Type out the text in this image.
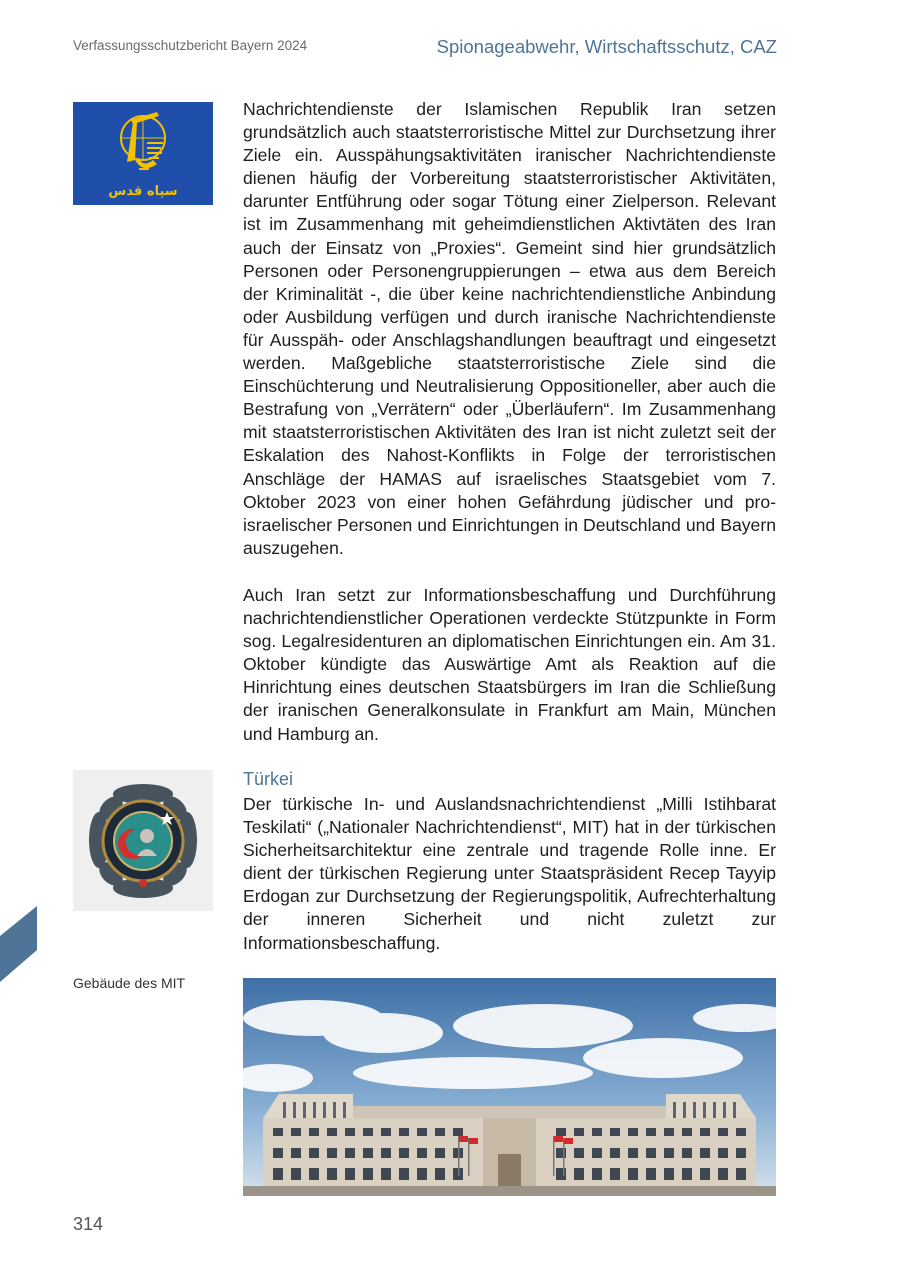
Verfassungsschutzbericht Bayern 2024	Spionageabwehr, Wirtschaftsschutz, CAZ
سپاه قدس

Nachrichtendienste der Islamischen Republik Iran setzen grundsätzlich auch staatsterroristische Mittel zur Durchsetzung ihrer Ziele ein. Ausspähungsaktivitäten iranischer Nachrichtendienste dienen häufig der Vorbereitung staatsterroristischer Aktivitäten, darunter Entführung oder sogar Tötung einer Zielperson. Relevant ist im Zusammenhang mit geheimdienstlichen Aktivtäten des Iran auch der Einsatz von „Proxies“. Gemeint sind hier grundsätzlich Personen oder Personengruppierungen – etwa aus dem Bereich der Kriminalität -, die über keine nachrichtendienstliche Anbindung oder Ausbildung verfügen und durch iranische Nachrichtendienste für Ausspäh- oder Anschlagshandlungen beauftragt und eingesetzt werden. Maßgebliche staatsterroristische Ziele sind die Einschüchterung und Neutralisierung Oppositioneller, aber auch die Bestrafung von „Verrätern“ oder „Überläufern“. Im Zusammenhang mit staatsterroristischen Aktivitäten des Iran ist nicht zuletzt seit der Eskalation des Nahost-Konflikts in Folge der terroristischen Anschläge der HAMAS auf israelisches Staatsgebiet vom 7. Oktober 2023 von einer hohen Gefährdung jüdischer und pro-israelischer Personen und Einrichtungen in Deutschland und Bayern auszugehen.

Auch Iran setzt zur Informationsbeschaffung und Durchführung nachrichtendienstlicher Operationen verdeckte Stützpunkte in Form sog. Legalresidenturen an diplomatischen Einrichtungen ein. Am 31. Oktober kündigte das Auswärtige Amt als Reaktion auf die Hinrichtung eines deutschen Staatsbürgers im Iran die Schließung der iranischen Generalkonsulate in Frankfurt am Main, München und Hamburg an.

Türkei

Der türkische In- und Auslandsnachrichtendienst „Milli Istihbarat Teskilati“ („Nationaler Nachrichtendienst“, MIT) hat in der türkischen Sicherheitsarchitektur eine zentrale und tragende Rolle inne. Er dient der türkischen Regierung unter Staatspräsident Recep Tayyip Erdogan zur Durchsetzung der Regierungspolitik, Aufrechterhaltung der inneren Sicherheit und nicht zuletzt zur Informationsbeschaffung.

Gebäude des MIT
314
